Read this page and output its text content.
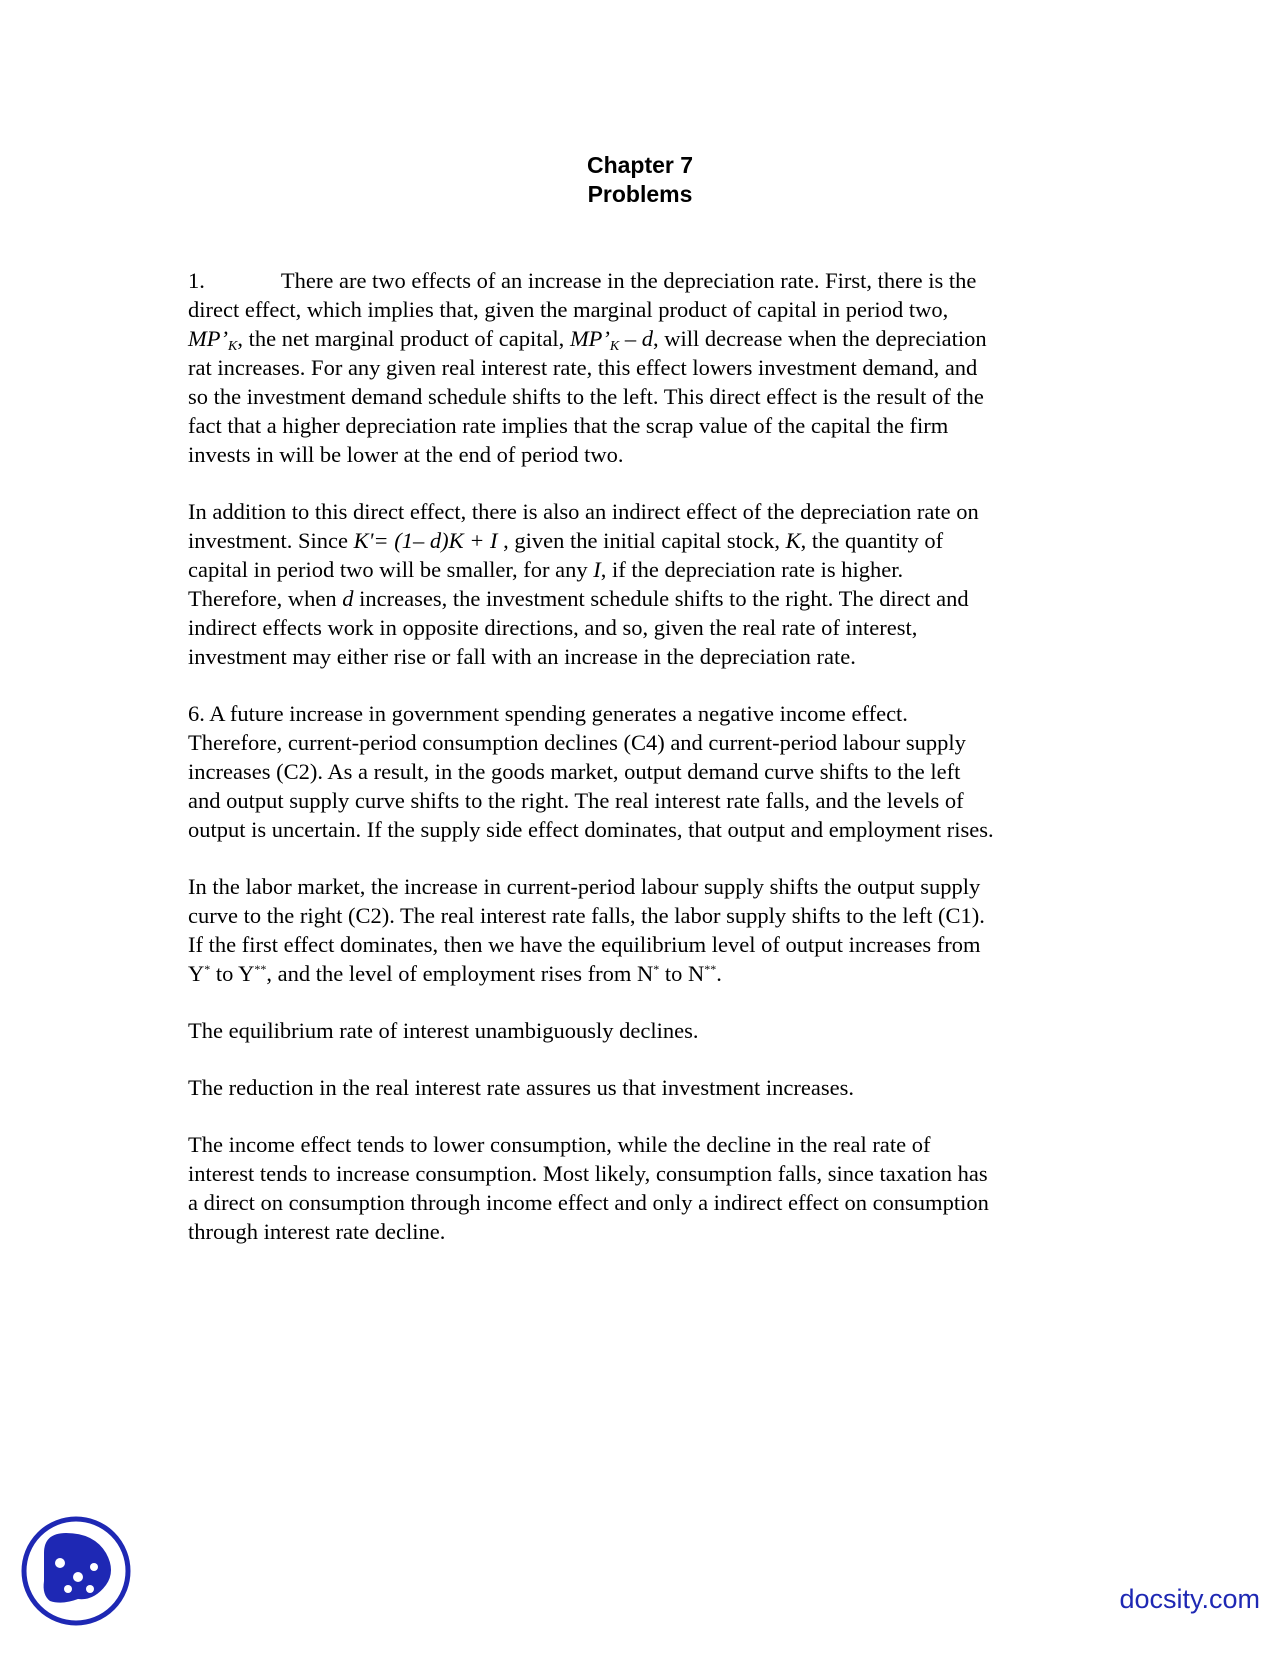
Chapter 7
Problems
1.	There are two effects of an increase in the depreciation rate. First, there is the
direct effect, which implies that, given the marginal product of capital in period two,
$MP’_K$, the net marginal product of capital, $MP’_K$ – d, will decrease when the depreciation
rat increases. For any given real interest rate, this effect lowers investment demand, and
so the investment demand schedule shifts to the left. This direct effect is the result of the
fact that a higher depreciation rate implies that the scrap value of the capital the firm
invests in will be lower at the end of period two.
In addition to this direct effect, there is also an indirect effect of the depreciation rate on
investment. Since K'= (1– d)K + I , given the initial capital stock, K, the quantity of
capital in period two will be smaller, for any I, if the depreciation rate is higher.
Therefore, when d increases, the investment schedule shifts to the right. The direct and
indirect effects work in opposite directions, and so, given the real rate of interest,
investment may either rise or fall with an increase in the depreciation rate.
6. A future increase in government spending generates a negative income effect.
Therefore, current-period consumption declines (C4) and current-period labour supply
increases (C2). As a result, in the goods market, output demand curve shifts to the left
and output supply curve shifts to the right. The real interest rate falls, and the levels of
output is uncertain. If the supply side effect dominates, that output and employment rises.
In the labor market, the increase in current-period labour supply shifts the output supply
curve to the right (C2). The real interest rate falls, the labor supply shifts to the left (C1).
If the first effect dominates, then we have the equilibrium level of output increases from
Y* to Y**, and the level of employment rises from N* to N**.
The equilibrium rate of interest unambiguously declines.
The reduction in the real interest rate assures us that investment increases.
The income effect tends to lower consumption, while the decline in the real rate of
interest tends to increase consumption. Most likely, consumption falls, since taxation has
a direct on consumption through income effect and only a indirect effect on consumption
through interest rate decline.
docsity.com
